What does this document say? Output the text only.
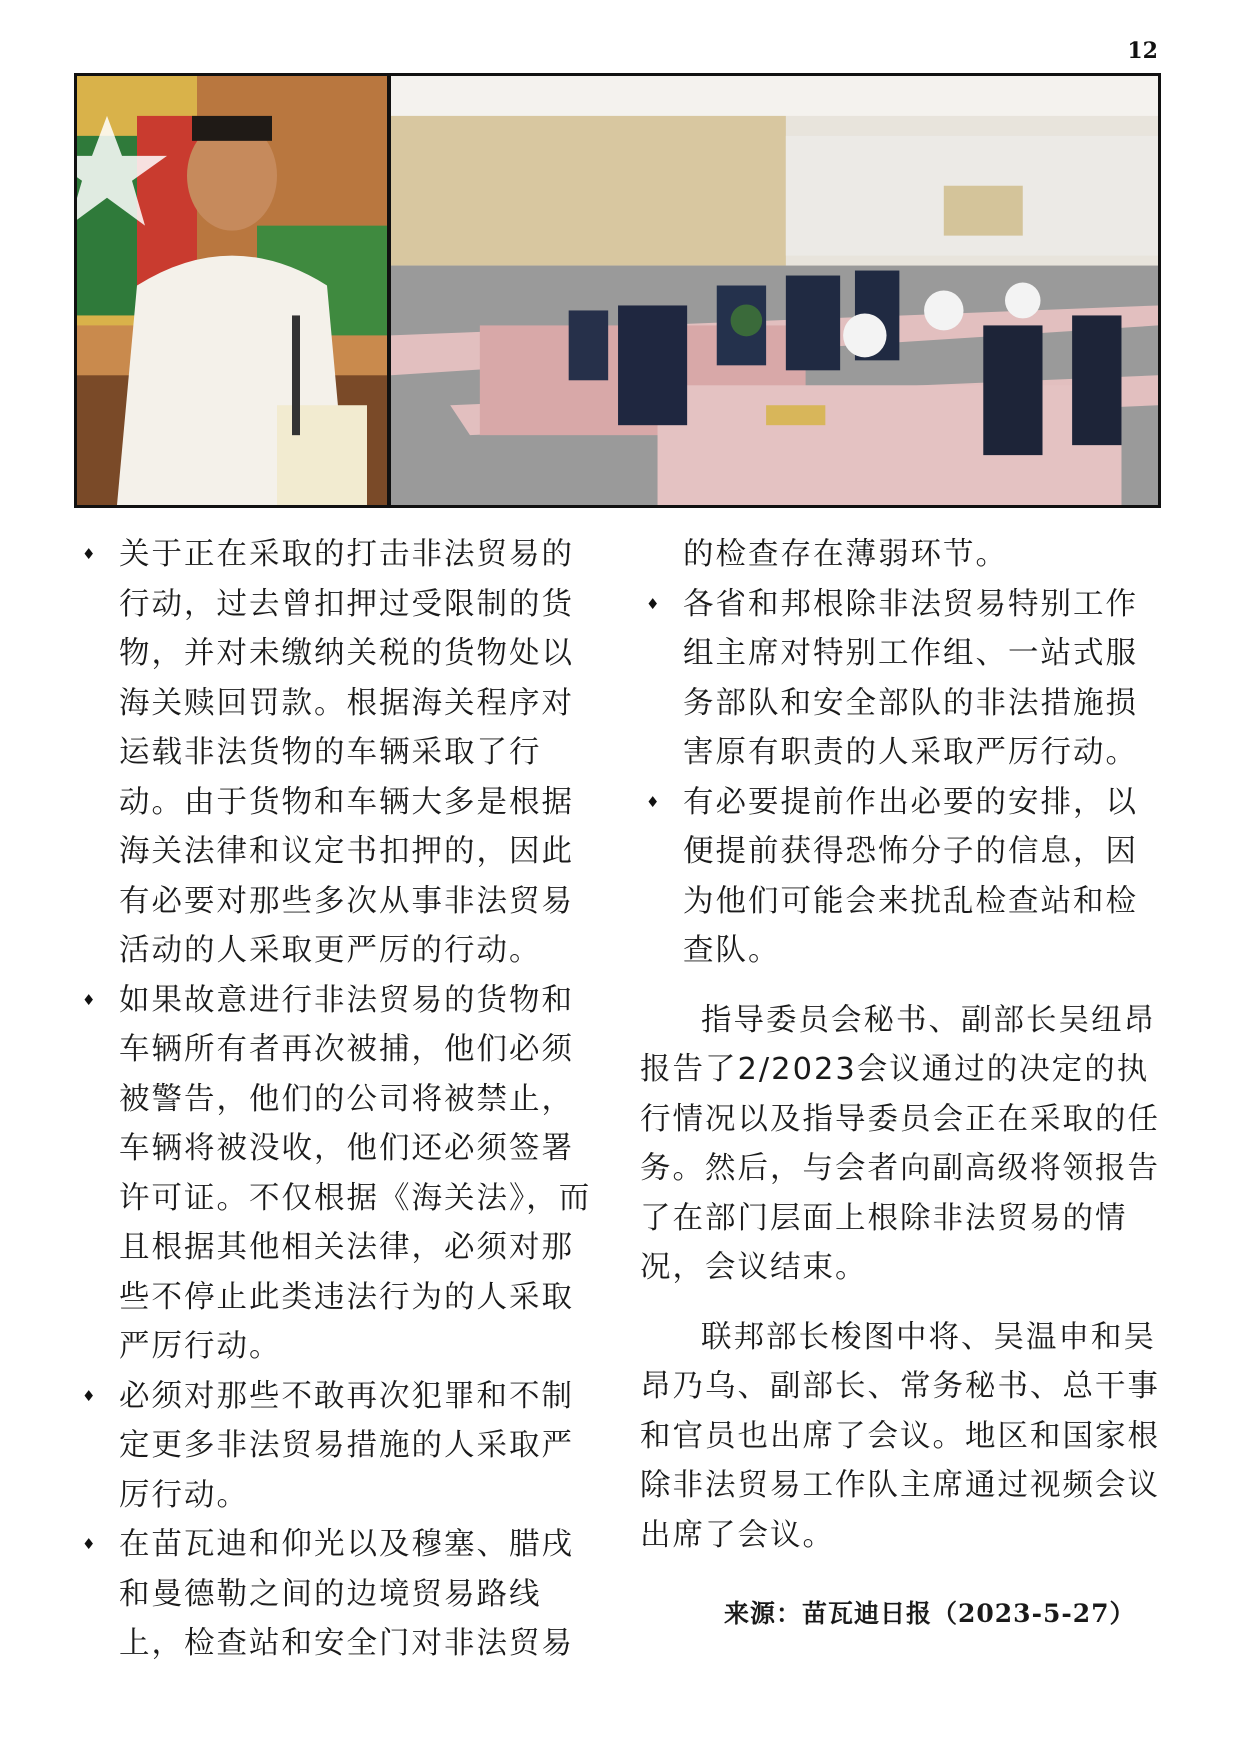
12
♦ 关于正在采取的打击非法贸易的行动，过去曾扣押过受限制的货物，并对未缴纳关税的货物处以海关赎回罚款。根据海关程序对运载非法货物的车辆采取了行动。由于货物和车辆大多是根据海关法律和议定书扣押的，因此有必要对那些多次从事非法贸易活动的人采取更严厉的行动。
♦ 如果故意进行非法贸易的货物和车辆所有者再次被捕，他们必须被警告，他们的公司将被禁止，车辆将被没收，他们还必须签署许可证。不仅根据《海关法》，而且根据其他相关法律，必须对那些不停止此类违法行为的人采取严厉行动。
♦ 必须对那些不敢再次犯罪和不制定更多非法贸易措施的人采取严厉行动。
♦ 在苗瓦迪和仰光以及穆塞、腊戌和曼德勒之间的边境贸易路线上，检查站和安全门对非法贸易
的检查存在薄弱环节。
♦ 各省和邦根除非法贸易特别工作组主席对特别工作组、一站式服务部队和安全部队的非法措施损害原有职责的人采取严厉行动。
♦ 有必要提前作出必要的安排，以便提前获得恐怖分子的信息，因为他们可能会来扰乱检查站和检查队。
指导委员会秘书、副部长吴纽昂报告了2/2023会议通过的决定的执行情况以及指导委员会正在采取的任务。然后，与会者向副高级将领报告了在部门层面上根除非法贸易的情况，会议结束。
联邦部长梭图中将、吴温申和吴昂乃乌、副部长、常务秘书、总干事和官员也出席了会议。地区和国家根除非法贸易工作队主席通过视频会议出席了会议。
来源：苗瓦迪日报（2023-5-27）
